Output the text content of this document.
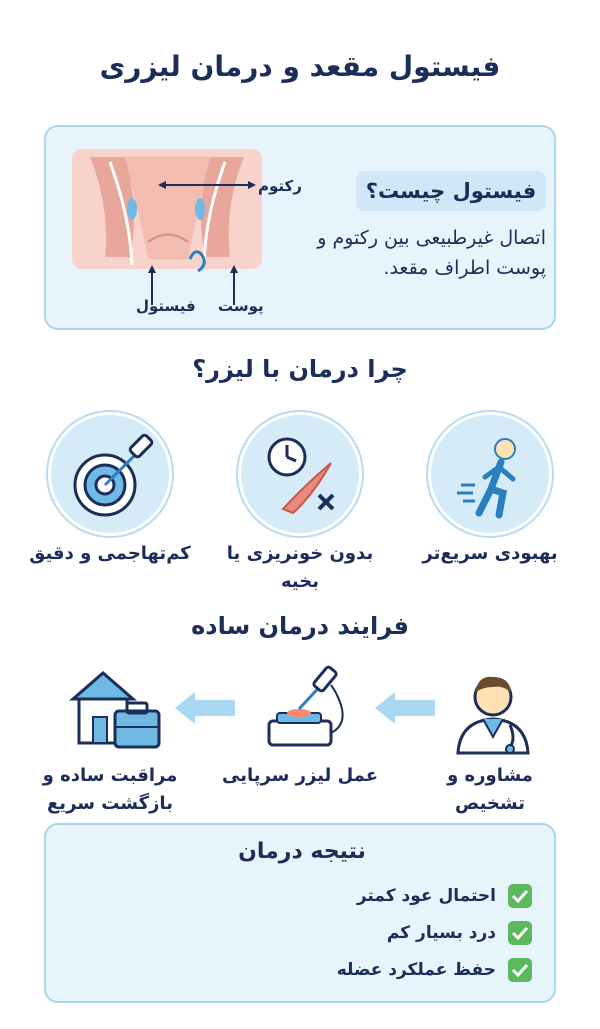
فیستول مقعد و درمان لیزری
رکتوم
فیستول پوست
فیستول چیست؟
اتصال غیرطبیعی بین رکتوم و پوست اطراف مقعد.
چرا درمان با لیزر؟
بهبودی سریع‌تر
بدون خونریزی یا بخیه
کم‌تهاجمی و دقیق
فرایند درمان ساده
مشاوره و تشخیص
عمل لیزر سرپایی
مراقبت ساده و بازگشت سریع
نتیجه درمان
احتمال عود کمتر
درد بسیار کم
حفظ عملکرد عضله
